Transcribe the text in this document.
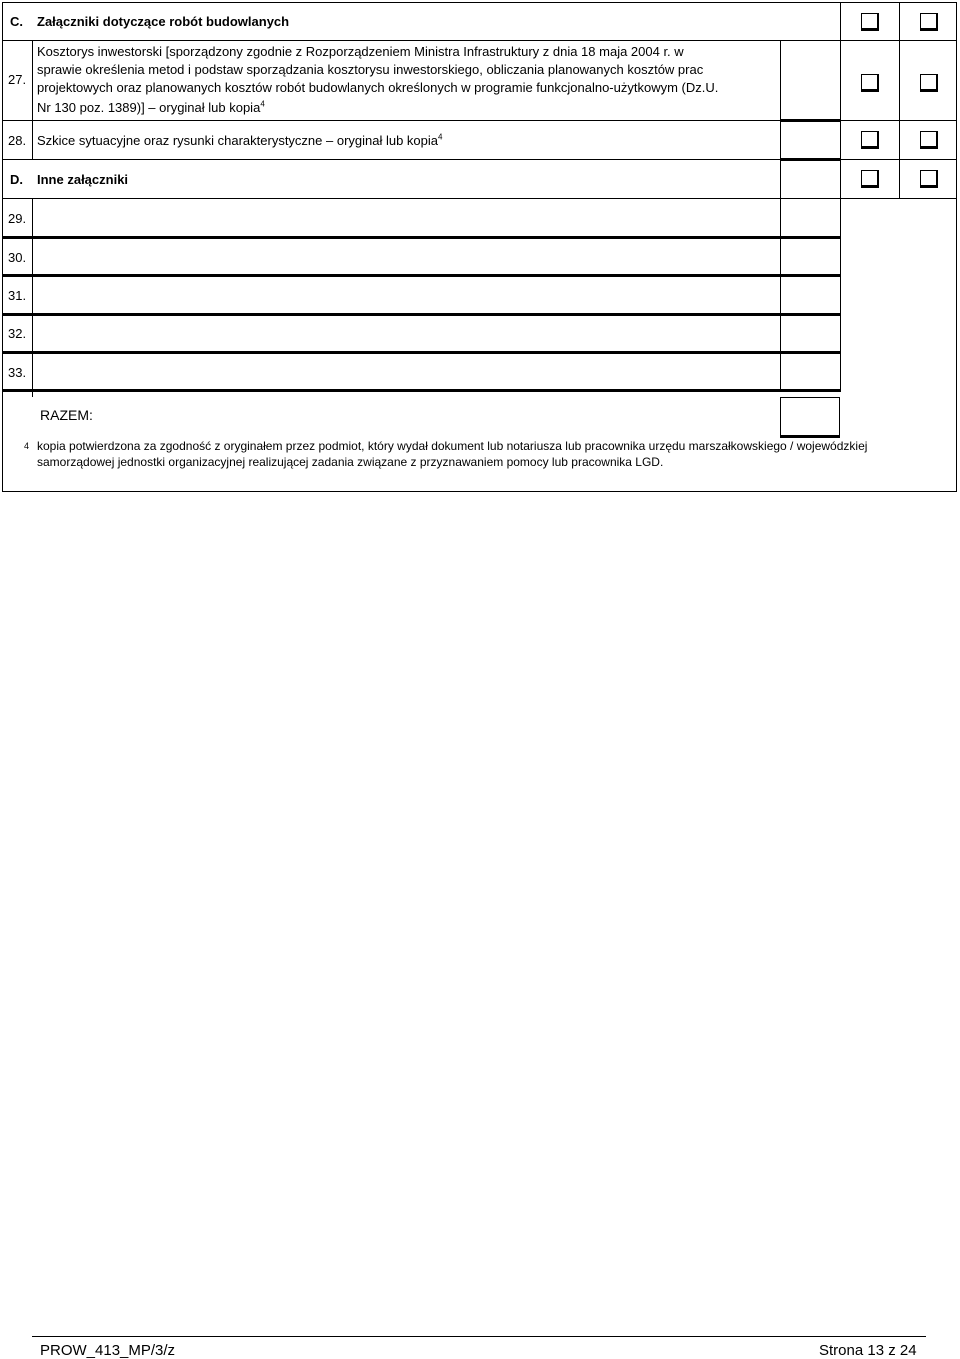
C. Załączniki dotyczące robót budowlanych
27.
Kosztorys inwestorski [sporządzony zgodnie z Rozporządzeniem Ministra Infrastruktury z dnia 18 maja 2004 r. w
sprawie określenia metod i podstaw sporządzania kosztorysu inwestorskiego, obliczania planowanych kosztów prac
projektowych oraz planowanych kosztów robót budowlanych określonych w programie funkcjonalno-użytkowym (Dz.U.
Nr 130 poz. 1389)] – oryginał lub kopia$^4$
28. Szkice sytuacyjne oraz rysunki charakterystyczne – oryginał lub kopia$^4$
D. Inne załączniki
29.
30.
31.
32.
33.
RAZEM:
4 kopia potwierdzona za zgodność z oryginałem przez podmiot, który wydał dokument lub notariusza lub pracownika urzędu marszałkowskiego / wojewódzkiej
samorządowej jednostki organizacyjnej realizującej zadania związane z przyznawaniem pomocy lub pracownika LGD.
PROW_413_MP/3/z	Strona 13 z 24
